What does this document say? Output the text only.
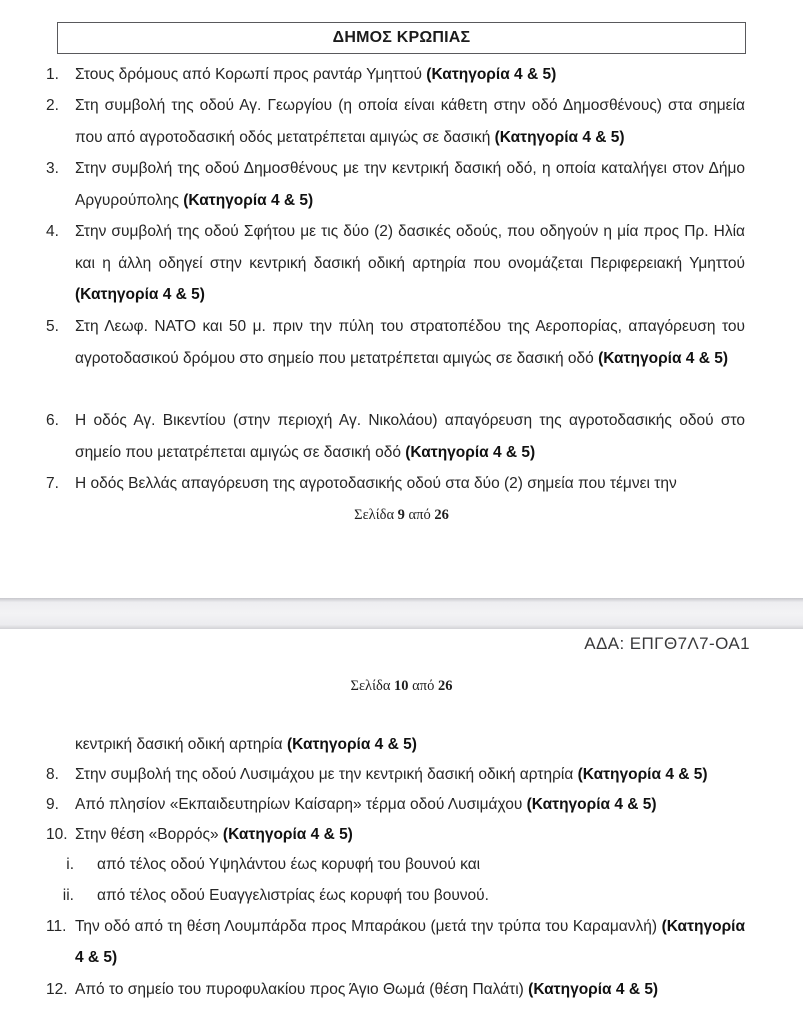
ΔΗΜΟΣ ΚΡΩΠΙΑΣ
1.	Στους δρόμους από Κορωπί προς ραντάρ Υμηττού (Κατηγορία 4 & 5)

2.	Στη συμβολή της οδού Αγ. Γεωργίου (η οποία είναι κάθετη στην οδό Δημοσθένους) στα σημεία που από αγροτοδασική οδός μετατρέπεται αμιγώς σε δασική (Κατηγορία 4 & 5)

3.	Στην συμβολή της οδού Δημοσθένους με την κεντρική δασική οδό, η οποία καταλήγει στον Δήμο Αργυρούπολης (Κατηγορία 4 & 5)

4.	Στην συμβολή της οδού Σφήτου με τις δύο (2) δασικές οδούς, που οδηγούν η μία προς Πρ. Ηλία και η άλλη οδηγεί στην κεντρική δασική οδική αρτηρία που ονομάζεται Περιφερειακή Υμηττού (Κατηγορία 4 & 5)

5.	Στη Λεωφ. ΝΑΤΟ και 50 μ. πριν την πύλη του στρατοπέδου της Αεροπορίας, απαγόρευση του αγροτοδασικού δρόμου στο σημείο που μετατρέπεται αμιγώς σε δασική οδό (Κατηγορία 4 & 5)

6.	Η οδός Αγ. Βικεντίου (στην περιοχή Αγ. Νικολάου) απαγόρευση της αγροτοδασικής οδού στο σημείο που μετατρέπεται αμιγώς σε δασική οδό (Κατηγορία 4 & 5)

7.	Η οδός Βελλάς απαγόρευση της αγροτοδασικής οδού στα δύο (2) σημεία που τέμνει την

Σελίδα 9 από 26
ΑΔΑ: ΕΠΓΘ7Λ7-ΟΑ1
Σελίδα 10 από 26

κεντρική δασική οδική αρτηρία (Κατηγορία 4 & 5)

8.	Στην συμβολή της οδού Λυσιμάχου με την κεντρική δασική οδική αρτηρία (Κατηγορία 4 & 5)

9.	Από πλησίον «Εκπαιδευτηρίων Καίσαρη» τέρμα οδού Λυσιμάχου (Κατηγορία 4 & 5)

10. Στην θέση «Βορρός» (Κατηγορία 4 & 5)

i.	από τέλος οδού Υψηλάντου έως κορυφή του βουνού και

ii.	από τέλος οδού Ευαγγελιστρίας έως κορυφή του βουνού.

11. Την οδό από τη θέση Λουμπάρδα προς Μπαράκου (μετά την τρύπα του Καραμανλή) (Κατηγορία 4 & 5)

12. Από το σημείο του πυροφυλακίου προς Άγιο Θωμά (θέση Παλάτι) (Κατηγορία 4 & 5)
